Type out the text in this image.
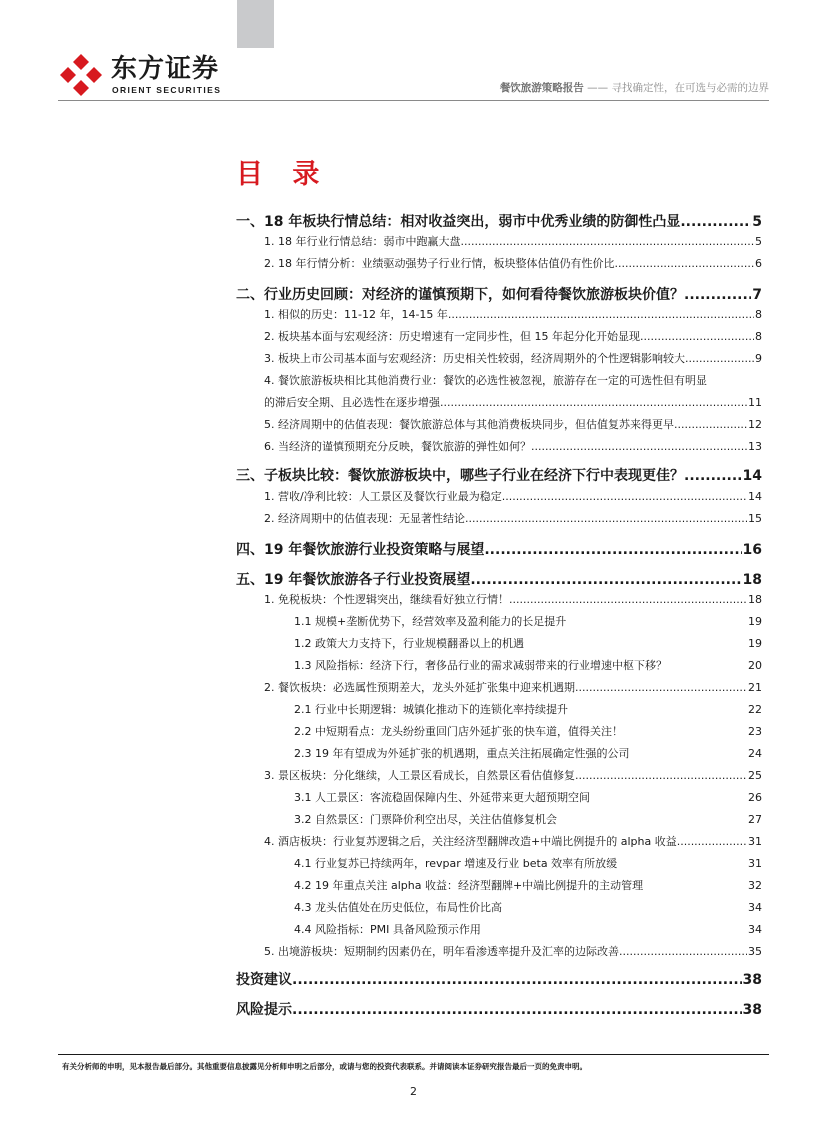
东方证券
ORIENT SECURITIES	餐饮旅游策略报告 —— 寻找确定性，在可选与必需的边界
目 录
一、18 年板块行情总结：相对收益突出，弱市中优秀业绩的防御性凸显 .....	5
1. 18 年行业行情总结：弱市中跑赢大盘 .....	5
2. 18 年行情分析：业绩驱动强势子行业行情，板块整体估值仍有性价比 .....	6
二、行业历史回顾：对经济的谨慎预期下，如何看待餐饮旅游板块价值？ .....	7
1. 相似的历史：11-12 年，14-15 年 .....	8
2. 板块基本面与宏观经济：历史增速有一定同步性，但 15 年起分化开始显现 .....	8
3. 板块上市公司基本面与宏观经济：历史相关性较弱，经济周期外的个性逻辑影响较大 .....	9
4. 餐饮旅游板块相比其他消费行业：餐饮的必选性被忽视，旅游存在一定的可选性但有明显
的滞后安全期、且必选性在逐步增强 .....	11
5. 经济周期中的估值表现：餐饮旅游总体与其他消费板块同步，但估值复苏来得更早 .....	12
6. 当经济的谨慎预期充分反映，餐饮旅游的弹性如何？ .....	13
三、子板块比较：餐饮旅游板块中，哪些子行业在经济下行中表现更佳？ .....	14
1. 营收/净利比较：人工景区及餐饮行业最为稳定 .....	14
2. 经济周期中的估值表现：无显著性结论 .....	15
四、19 年餐饮旅游行业投资策略与展望 .....	16
五、19 年餐饮旅游各子行业投资展望 .....	18
1. 免税板块：个性逻辑突出，继续看好独立行情！ .....	18
1.1 规模+垄断优势下，经营效率及盈利能力的长足提升	19
1.2 政策大力支持下，行业规模翻番以上的机遇	19
1.3 风险指标：经济下行，奢侈品行业的需求减弱带来的行业增速中枢下移？	20
2. 餐饮板块：必选属性预期差大，龙头外延扩张集中迎来机遇期 .....	21
2.1 行业中长期逻辑：城镇化推动下的连锁化率持续提升	22
2.2 中短期看点：龙头纷纷重回门店外延扩张的快车道，值得关注！	23
2.3 19 年有望成为外延扩张的机遇期，重点关注拓展确定性强的公司	24
3. 景区板块：分化继续，人工景区看成长，自然景区看估值修复 .....	25
3.1 人工景区：客流稳固保障内生、外延带来更大超预期空间	26
3.2 自然景区：门票降价利空出尽，关注估值修复机会	27
4. 酒店板块：行业复苏逻辑之后，关注经济型翻牌改造+中端比例提升的 alpha 收益 .....	31
4.1 行业复苏已持续两年，revpar 增速及行业 beta 效率有所放缓	31
4.2 19 年重点关注 alpha 收益：经济型翻牌+中端比例提升的主动管理	32
4.3 龙头估值处在历史低位，布局性价比高	34
4.4 风险指标：PMI 具备风险预示作用	34
5. 出境游板块：短期制约因素仍在，明年看渗透率提升及汇率的边际改善 .....	35
投资建议 .....	38
风险提示 .....	38
有关分析师的申明，见本报告最后部分。其他重要信息披露见分析师申明之后部分，或请与您的投资代表联系。并请阅读本证券研究报告最后一页的免责申明。
2
